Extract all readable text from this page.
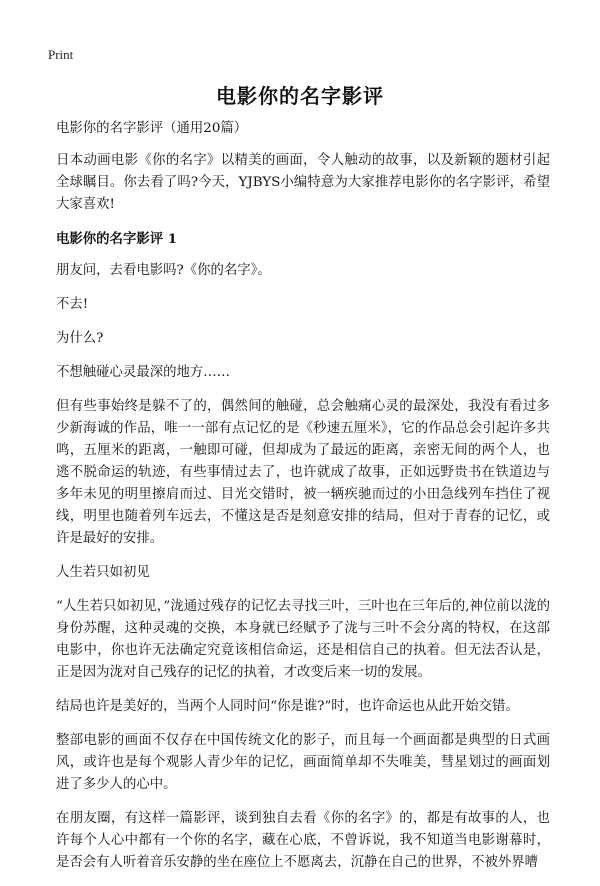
Print
电影你的名字影评

电影你的名字影评（通用20篇）

日本动画电影《你的名字》以精美的画面，令人触动的故事，以及新颖的题材引起全球瞩目。你去看了吗?今天，YJBYS小编特意为大家推荐电影你的名字影评，希望大家喜欢!

电影你的名字影评 1

朋友问，去看电影吗?《你的名字》。

不去!

为什么?

不想触碰心灵最深的地方……

但有些事始终是躲不了的，偶然间的触碰，总会触痛心灵的最深处，我没有看过多少新海诚的作品，唯一一部有点记忆的是《秒速五厘米》，它的作品总会引起许多共鸣，五厘米的距离，一触即可碰，但却成为了最远的距离，亲密无间的两个人，也逃不脱命运的轨迹，有些事情过去了，也许就成了故事，正如远野贵书在铁道边与多年未见的明里擦肩而过、目光交错时，被一辆疾驰而过的小田急线列车挡住了视线，明里也随着列车远去，不懂这是否是刻意安排的结局，但对于青春的记忆，或许是最好的安排。

人生若只如初见

“人生若只如初见，”泷通过残存的记忆去寻找三叶，三叶也在三年后的,神位前以泷的身份苏醒，这种灵魂的交换，本身就已经赋予了泷与三叶不会分离的特权，在这部电影中，你也许无法确定究竟该相信命运，还是相信自己的执着。但无法否认是，正是因为泷对自己残存的记忆的执着，才改变后来一切的发展。

结局也许是美好的，当两个人同时问“你是谁?”时，也许命运也从此开始交错。

整部电影的画面不仅存在中国传统文化的影子，而且每一个画面都是典型的日式画风，或许也是每个观影人青少年的记忆，画面简单却不失唯美，彗星划过的画面划进了多少人的心中。

在朋友圈，有这样一篇影评，谈到独自去看《你的名字》的，都是有故事的人，也许每个人心中都有一个你的名字，藏在心底，不曾诉说，我不知道当电影谢幕时，是否会有人听着音乐安静的坐在座位上不愿离去，沉静在自己的世界，不被外界嘈
